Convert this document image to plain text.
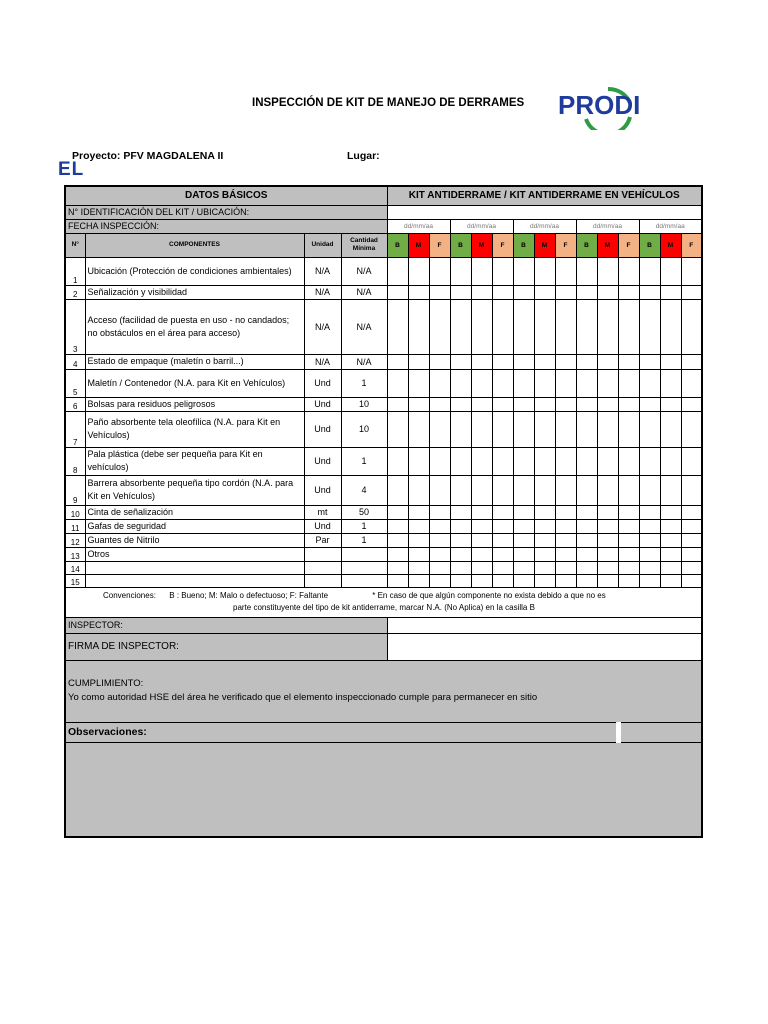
INSPECCIÓN DE KIT DE MANEJO DE DERRAMES PRODI
Proyecto: PFV MAGDALENA II	Lugar:
EL
DATOS BÁSICOS				KIT ANTIDERRAME / KIT ANTIDERRAME EN VEHÍCULOS														
N° IDENTIFICACIÓN DEL KIT / UBICACIÓN:																		
FECHA INSPECCIÓN:				dd/mm/aa			dd/mm/aa			dd/mm/aa			dd/mm/aa			dd/mm/aa		
N°	COMPONENTES	Unidad	Cantidad Mínima	B	M	F	B	M	F	B	M	F	B	M	F	B	M	F
1	Ubicación (Protección de condiciones ambientales)	N/A	N/A															
2	Señalización y visibilidad	N/A	N/A															
3	Acceso (facilidad de puesta en uso - no candados; no obstáculos en el área para acceso)	N/A	N/A															
4	Estado de empaque (maletín o barril...)	N/A	N/A															
5	Maletín / Contenedor (N.A. para Kit en Vehículos)	Und	1															
6	Bolsas para residuos peligrosos	Und	10															
7	Paño absorbente tela oleofílica (N.A. para Kit en Vehículos)	Und	10															
8	Pala plástica (debe ser pequeña para Kit en vehículos)	Und	1															
9	Barrera absorbente pequeña tipo cordón (N.A. para Kit en Vehículos)	Und	4															
10	Cinta de señalización	mt	50															
11	Gafas de seguridad	Und	1															
12	Guantes de Nitrilo	Par	1															
13	Otros																	
14																		
15																		

Convenciones: B : Bueno; M: Malo o defectuoso; F: Faltante * En caso de que algún componente no exista debido a que no es
parte constituyente del tipo de kit antiderrame, marcar N.A. (No Aplica) en la casilla B																		

INSPECTOR:																		
FIRMA DE INSPECTOR:																		

CUMPLIMIENTO:
Yo como autoridad HSE del área he verificado que el elemento inspeccionado cumple para permanecer en sitio																		

Observaciones:																		
